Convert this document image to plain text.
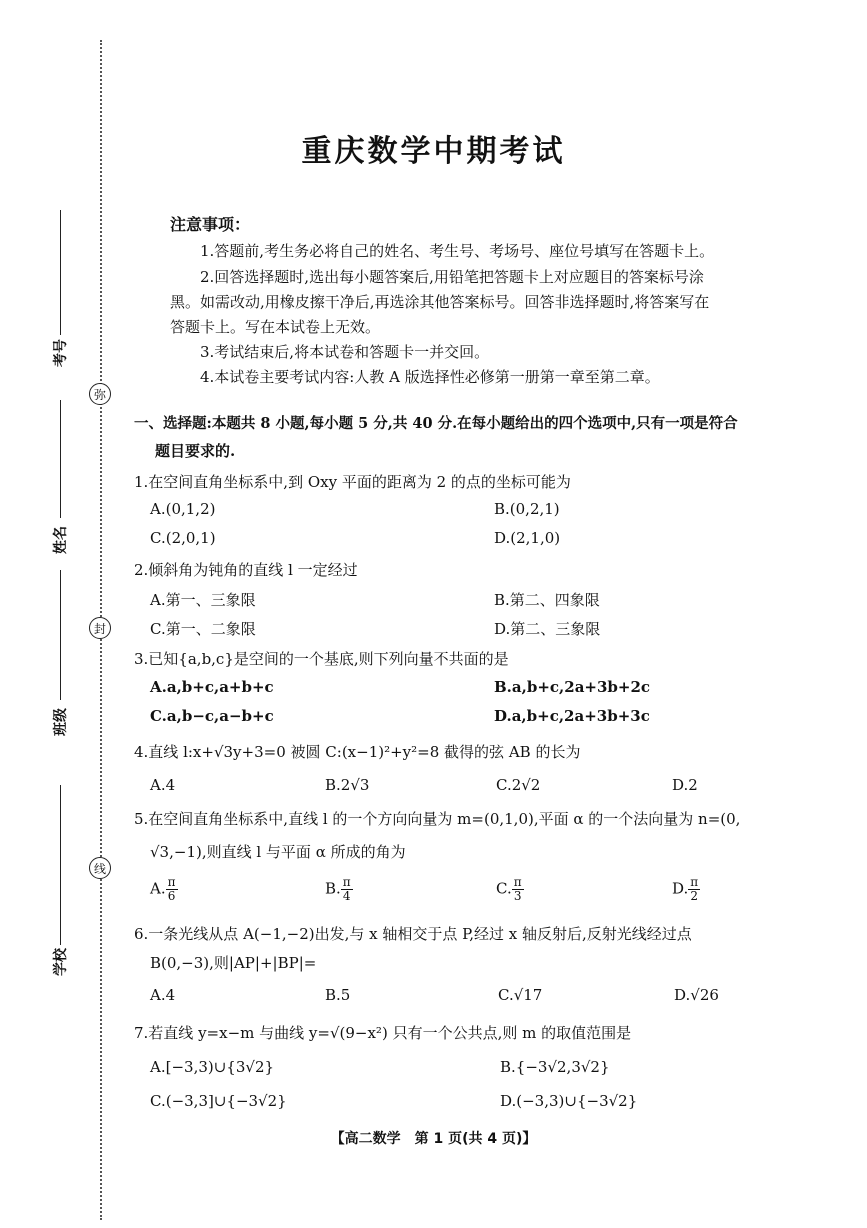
考号
弥
姓名
封
班级
线
学校
重庆数学中期考试
注意事项：
1.答题前,考生务必将自己的姓名、考生号、考场号、座位号填写在答题卡上。
2.回答选择题时,选出每小题答案后,用铅笔把答题卡上对应题目的答案标号涂
黑。如需改动,用橡皮擦干净后,再选涂其他答案标号。回答非选择题时,将答案写在
答题卡上。写在本试卷上无效。
3.考试结束后,将本试卷和答题卡一并交回。
4.本试卷主要考试内容:人教 A 版选择性必修第一册第一章至第二章。
一、选择题:本题共 8 小题,每小题 5 分,共 40 分.在每小题给出的四个选项中,只有一项是符合
题目要求的.
1.在空间直角坐标系中,到 Oxy 平面的距离为 2 的点的坐标可能为
A.(0,1,2)	B.(0,2,1)
C.(2,0,1)	D.(2,1,0)
2.倾斜角为钝角的直线 l 一定经过
A.第一、三象限	B.第二、四象限
C.第一、二象限	D.第二、三象限
3.已知{a,b,c}是空间的一个基底,则下列向量不共面的是
A.a,b+c,a+b+c	B.a,b+c,2a+3b+2c
C.a,b−c,a−b+c	D.a,b+c,2a+3b+3c
4.直线 l:x+√3y+3=0 被圆 C:(x−1)²+y²=8 截得的弦 AB 的长为
A.4	B.2√3	C.2√2	D.2
5.在空间直角坐标系中,直线 l 的一个方向向量为 m=(0,1,0),平面 α 的一个法向量为 n=(0,
√3,−1),则直线 l 与平面 α 所成的角为
A. $\frac{\pi}{6}$	B. $\frac{\pi}{4}$	C. $\frac{\pi}{3}$	D. $\frac{\pi}{2}$
6.一条光线从点 A(−1,−2)出发,与 x 轴相交于点 P,经过 x 轴反射后,反射光线经过点
B(0,−3),则|AP|+|BP|=
A.4	B.5	C.√17	D.√26
7.若直线 y=x−m 与曲线 y=√(9−x²) 只有一个公共点,则 m 的取值范围是
A.[−3,3)∪{3√2}	B.{−3√2,3√2}
C.(−3,3]∪{−3√2}	D.(−3,3)∪{−3√2}
【高二数学　第 1 页(共 4 页)】
